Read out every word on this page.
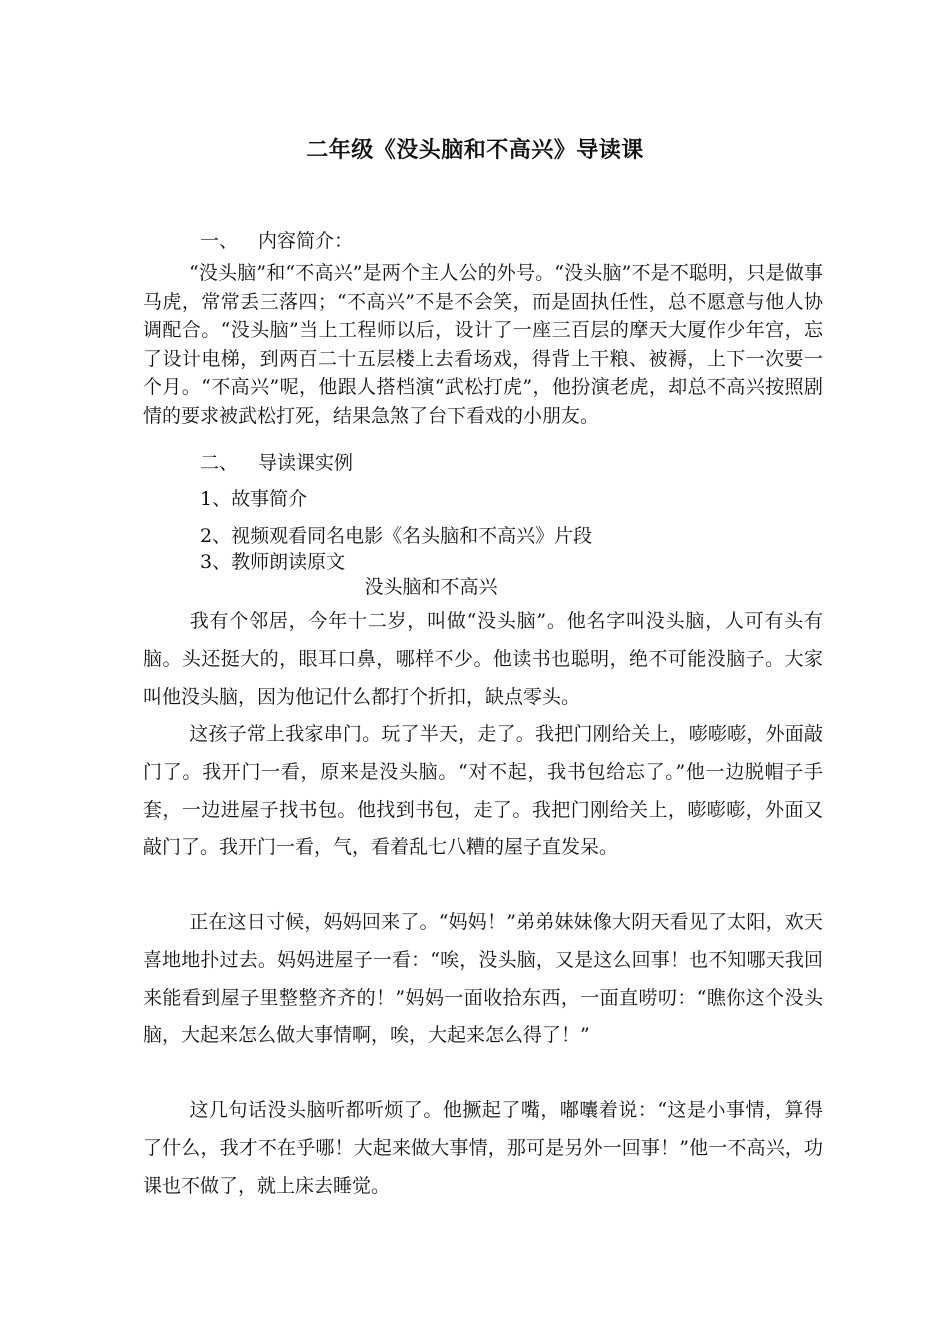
二年级《没头脑和不高兴》导读课
一、 内容简介：
“没头脑”和“不高兴”是两个主人公的外号。“没头脑”不是不聪明，只是做事马虎，常常丢三落四；“不高兴”不是不会笑，而是固执任性，总不愿意与他人协调配合。“没头脑”当上工程师以后，设计了一座三百层的摩天大厦作少年宫，忘了设计电梯，到两百二十五层楼上去看场戏，得背上干粮、被褥，上下一次要一个月。“不高兴”呢，他跟人搭档演“武松打虎”，他扮演老虎，却总不高兴按照剧情的要求被武松打死，结果急煞了台下看戏的小朋友。
二、 导读课实例
1、故事简介
2、视频观看同名电影《名头脑和不高兴》片段
3、教师朗读原文
没头脑和不高兴
我有个邻居，今年十二岁，叫做“没头脑”。他名字叫没头脑，人可有头有脑。头还挺大的，眼耳口鼻，哪样不少。他读书也聪明，绝不可能没脑子。大家叫他没头脑，因为他记什么都打个折扣，缺点零头。
这孩子常上我家串门。玩了半天，走了。我把门刚给关上，嘭嘭嘭，外面敲门了。我开门一看，原来是没头脑。“对不起，我书包给忘了。”他一边脱帽子手套，一边进屋子找书包。他找到书包，走了。我把门刚给关上，嘭嘭嘭，外面又敲门了。我开门一看，气，看着乱七八糟的屋子直发呆。
正在这日寸候，妈妈回来了。“妈妈！”弟弟妹妹像大阴天看见了太阳，欢天喜地地扑过去。妈妈进屋子一看：“唉，没头脑，又是这么回事！也不知哪天我回来能看到屋子里整整齐齐的！”妈妈一面收拾东西，一面直唠叨：“瞧你这个没头脑，大起来怎么做大事情啊，唉，大起来怎么得了！”
这几句话没头脑听都听烦了。他撅起了嘴，嘟囔着说：“这是小事情，算得了什么，我才不在乎哪！大起来做大事情，那可是另外一回事！”他一不高兴，功课也不做了，就上床去睡觉。
